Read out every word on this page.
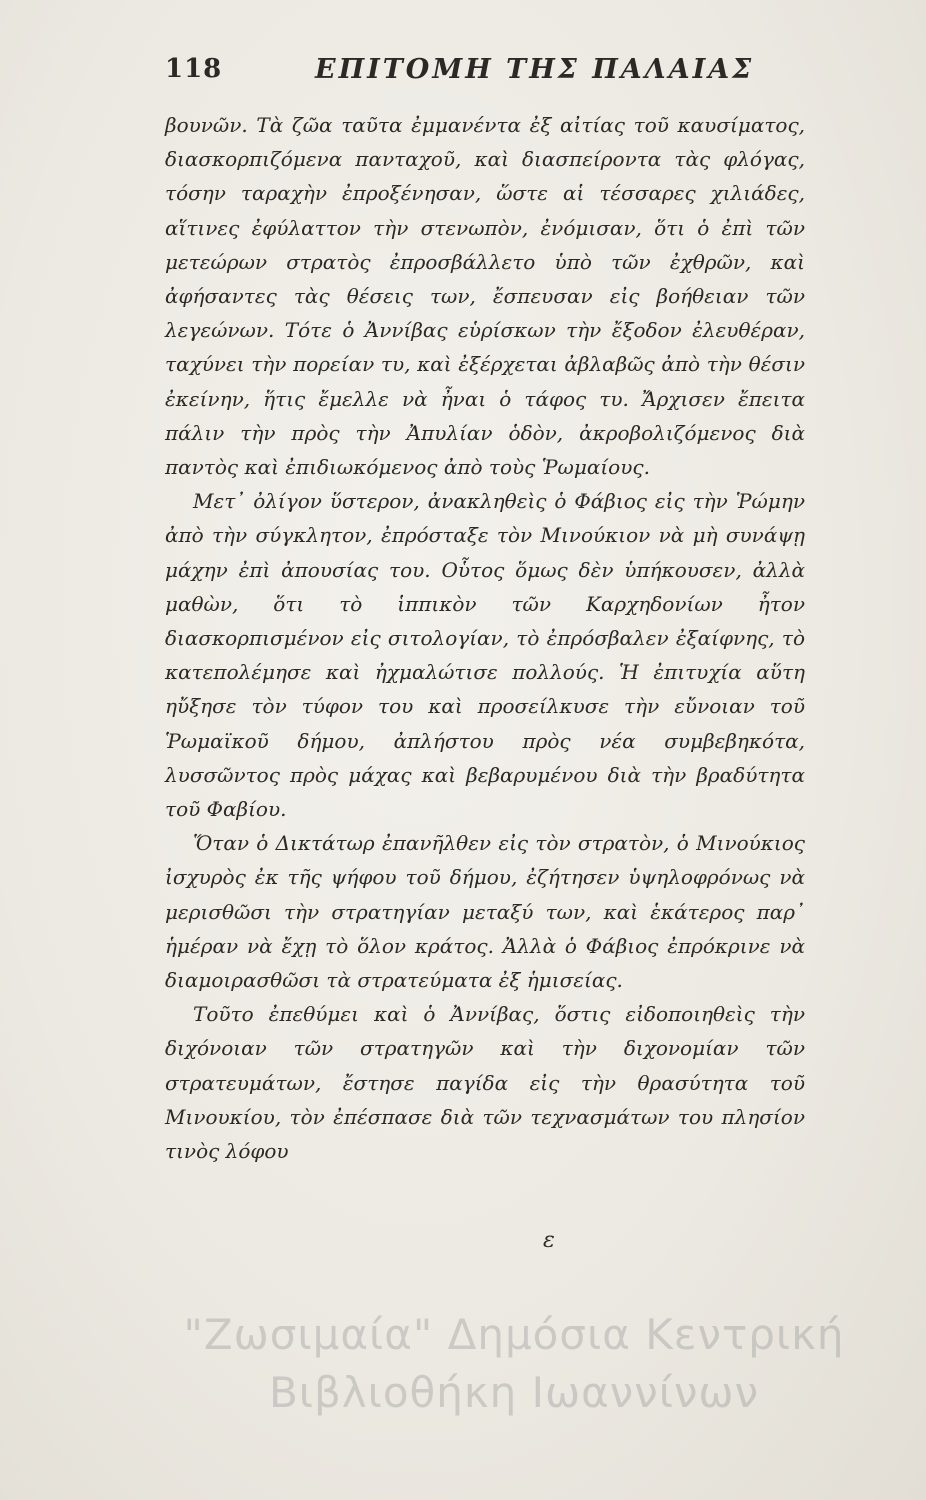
118	ΕΠΙΤΟΜΗ ΤΗΣ ΠΑΛΑΙΑΣ

βουνῶν. Τὰ ζῶα ταῦτα ἐμμανέντα ἐξ αἰτίας τοῦ καυσίματος, διασκορπιζόμενα πανταχοῦ, καὶ διασπείροντα τὰς φλόγας, τόσην ταραχὴν ἐπροξένησαν, ὥστε αἱ τέσσαρες χιλιάδες, αἵτινες ἐφύλαττον τὴν στενωπὸν, ἐνόμισαν, ὅτι ὁ ἐπὶ τῶν μετεώρων στρατὸς ἐπροσβάλλετο ὑπὸ τῶν ἐχθρῶν, καὶ ἀφήσαντες τὰς θέσεις των, ἔσπευσαν εἰς βοήθειαν τῶν λεγεώνων. Τότε ὁ Ἀννίβας εὑρίσκων τὴν ἔξοδον ἐλευθέραν, ταχύνει τὴν πορείαν τυ, καὶ ἐξέρχεται ἀβλαβῶς ἀπὸ τὴν θέσιν ἐκείνην, ἥτις ἔμελλε νὰ ἦναι ὁ τάφος τυ. Ἄρχισεν ἔπειτα πάλιν τὴν πρὸς τὴν Ἀπυλίαν ὁδὸν, ἀκροβολιζόμενος διὰ παντὸς καὶ ἐπιδιωκόμενος ἀπὸ τοὺς Ῥωμαίους.

Μετ᾽ ὀλίγον ὕστερον, ἀνακληθεὶς ὁ Φάβιος εἰς τὴν Ῥώμην ἀπὸ τὴν σύγκλητον, ἐπρόσταξε τὸν Μινούκιον νὰ μὴ συνάψῃ μάχην ἐπὶ ἀπουσίας του. Οὗτος ὅμως δὲν ὑπήκουσεν, ἀλλὰ μαθὼν, ὅτι τὸ ἱππικὸν τῶν Καρχηδονίων ἦτον διασκορπισμένον εἰς σιτολογίαν, τὸ ἐπρόσβαλεν ἐξαίφνης, τὸ κατεπολέμησε καὶ ἠχμαλώτισε πολλούς. Ἡ ἐπιτυχία αὕτη ηὔξησε τὸν τύφον του καὶ προσείλκυσε τὴν εὔνοιαν τοῦ Ῥωμαϊκοῦ δήμου, ἀπλήστου πρὸς νέα συμβεβηκότα, λυσσῶντος πρὸς μάχας καὶ βεβαρυμένου διὰ τὴν βραδύτητα τοῦ Φαβίου.

Ὅταν ὁ Δικτάτωρ ἐπανῆλθεν εἰς τὸν στρατὸν, ὁ Μινούκιος ἰσχυρὸς ἐκ τῆς ψήφου τοῦ δήμου, ἐζήτησεν ὑψηλοφρόνως νὰ μερισθῶσι τὴν στρατηγίαν μεταξύ των, καὶ ἑκάτερος παρ᾽ ἡμέραν νὰ ἔχῃ τὸ ὅλον κράτος. Ἀλλὰ ὁ Φάβιος ἐπρόκρινε νὰ διαμοιρασθῶσι τὰ στρατεύματα ἐξ ἡμισείας.

Τοῦτο ἐπεθύμει καὶ ὁ Ἀννίβας, ὅστις εἰδοποιηθεὶς τὴν διχόνοιαν τῶν στρατηγῶν καὶ τὴν διχονομίαν τῶν στρατευμάτων, ἔστησε παγίδα εἰς τὴν θρασύτητα τοῦ Μινουκίου, τὸν ἐπέσπασε διὰ τῶν τεχνασμάτων του πλησίον τινὸς λόφου

ε
"Ζωσιμαία" Δημόσια Κεντρική
Βιβλιοθήκη Ιωαννίνων
